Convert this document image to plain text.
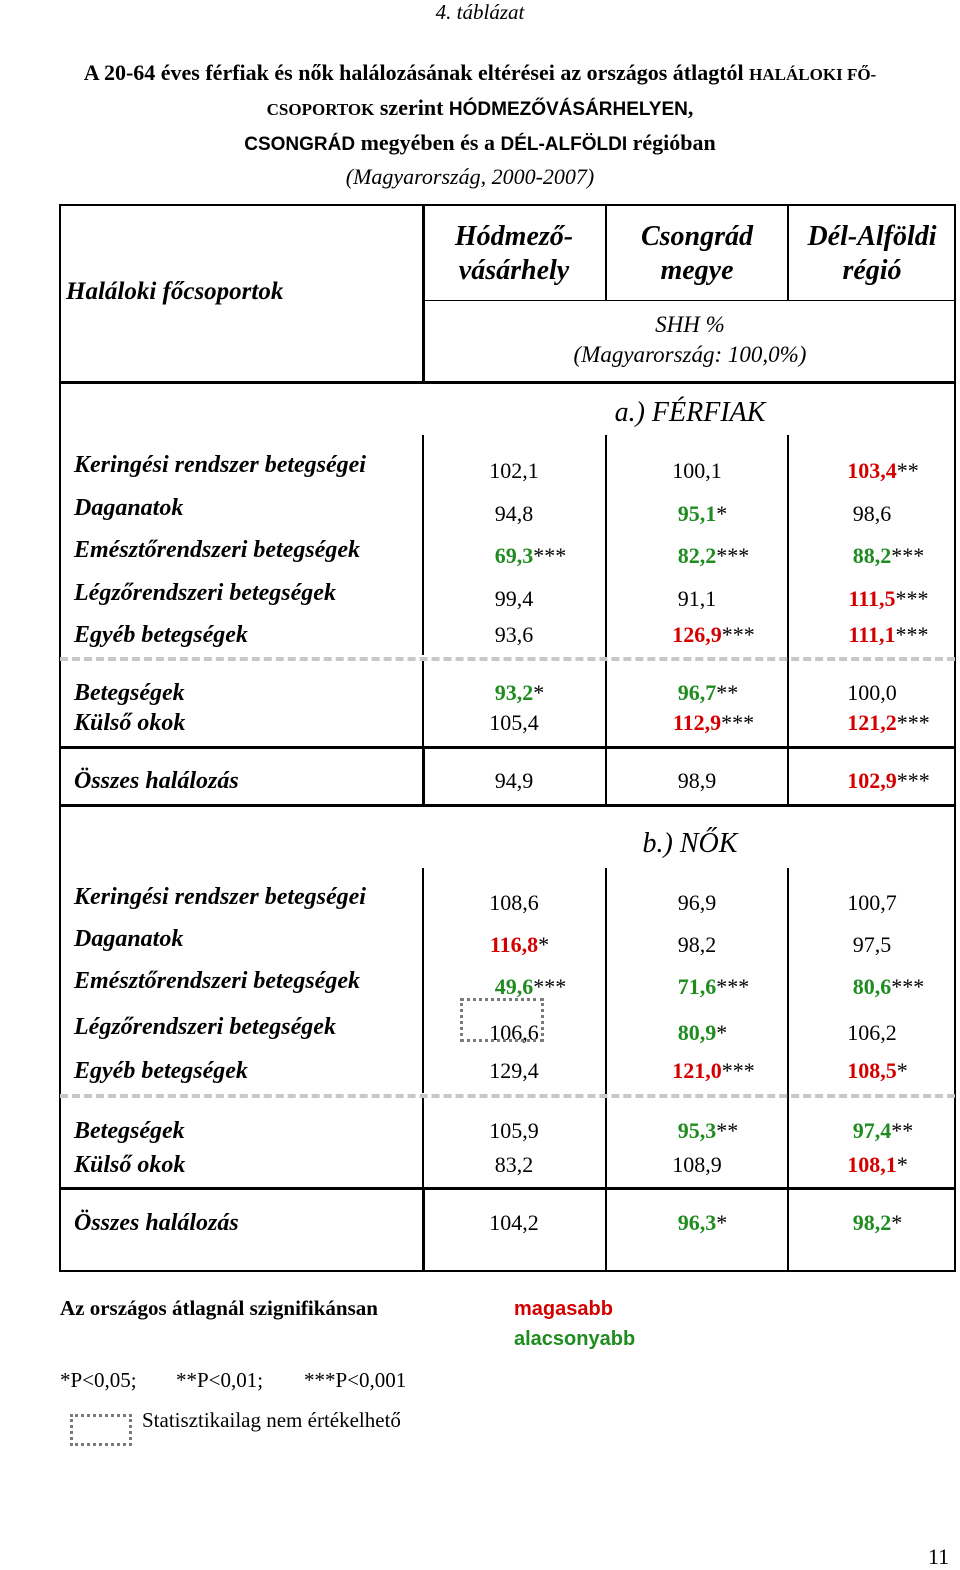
4. táblázat
A 20-64 éves férfiak és nők halálozásának eltérései az országos átlagtól HALÁLOKI FŐ-
CSOPORTOK szerint HÓDMEZŐVÁSÁRHELYEN,
CSONGRÁD megyében és a DÉL-ALFÖLDI régióban
(Magyarország, 2000-2007)
Haláloki főcsoportok
Hódmező-
vásárhely
Csongrád
megye
Dél-Alföldi
régió
SHH %
(Magyarország: 100,0%)
a.) FÉRFIAK
b.) NŐK
Keringési rendszer betegségei	102,1	100,1	103,4**
Daganatok	94,8	95,1*	98,6
Emésztőrendszeri betegségek	69,3***	82,2***	88,2***
Légzőrendszeri betegségek	99,4	91,1	111,5***
Egyéb betegségek	93,6	126,9***	111,1***
Betegségek	93,2*	96,7**	100,0
Külső okok	105,4	112,9***	121,2***
Összes halálozás	94,9	98,9	102,9***
Keringési rendszer betegségei	108,6	96,9	100,7
Daganatok	116,8*	98,2	97,5
Emésztőrendszeri betegségek	49,6***	71,6***	80,6***
Légzőrendszeri betegségek	106,6	80,9*	106,2
Egyéb betegségek	129,4	121,0***	108,5*
Betegségek	105,9	95,3**	97,4**
Külső okok	83,2	108,9	108,1*
Összes halálozás	104,2	96,3*	98,2*
Az országos átlagnál szignifikánsan	magasabb
alacsonyabb
*P<0,05; **P<0,01; ***P<0,001
Statisztikailag nem értékelhető
11
